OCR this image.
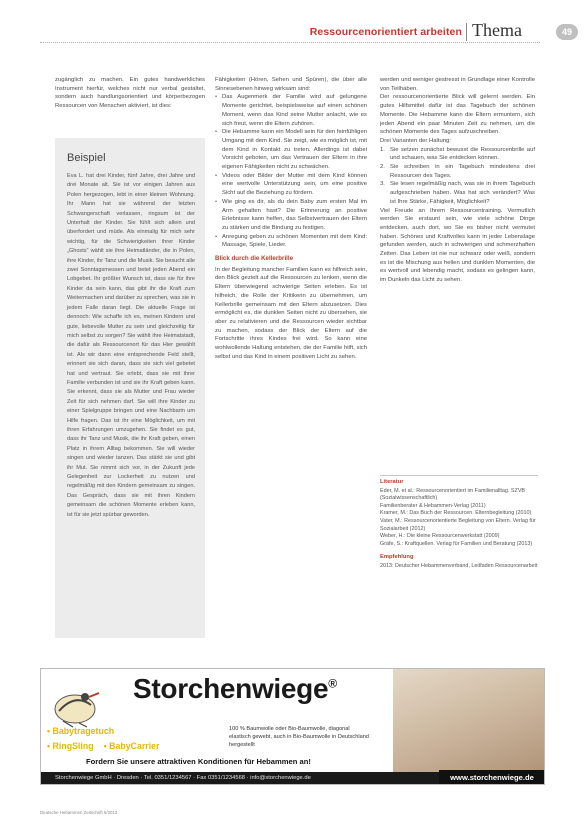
Ressourcenorientiert arbeiten Thema	49

zugänglich zu machen. Ein gutes handwerkliches Instrument hierfür, welches nicht nur verbal gestaltet, sondern auch handlungsorientiert und körperbezogen Ressourcen von Menschen aktiviert, ist dies:

Beispiel
Eva L. hat drei Kinder, fünf Jahre, drei Jahre und drei Monate alt. Sie ist vor einigen Jahren aus Polen hergezogen, lebt in einer kleinen Wohnung. Ihr Mann hat sie während der letzten Schwangerschaft verlassen, ringsum ist der Unterhalt der Kinder. Sie fühlt sich allein und überfordert und müde. Als einmalig für mich sehr wichtig, für die Schwierigkeiten ihrer Kinder „Ghosts“ wählt sie ihre Heimatländer, die in Polen, ihre Kinder, ihr Tanz und die Musik. Sie besucht alle zwei Sonntagsmessen und betet jeden Abend ein Lobgebet. Ihr größter Wunsch ist, dass sie für ihre Kinder da sein kann, das gibt ihr die Kraft zum Weitermachen und darüber zu sprechen, was sie in jedem Falle daran liegt. Die aktuelle Frage ist dennoch: Wie schaffe ich es, meinen Kindern und gute, liebevolle Mutter zu sein und gleichzeitig für mich selbst zu sorgen? Sie wählt ihre Heimatstadt, die dafür als Ressourcenort für das Hier gewählt ist. Als wir dann eine entsprechende Feld stellt, erinnert sie sich daran, dass sie sich viel gebetet hat und vertraut. Sie erlebt, dass sie mit ihrer Familie verbunden ist und sie ihr Kraft geben kann. Sie erkennt, dass sie als Mutter und Frau wieder Zeit für sich nehmen darf. Sie will ihre Kinder zu einer Spielgruppe bringen und eine Nachbarin um Hilfe fragen. Das ist ihr eine Möglichkeit, um mit ihren Erfahrungen umzugehen. Sie findet es gut, dass ihr Tanz und Musik, die ihr Kraft geben, einen Platz in ihrem Alltag bekommen. Sie will wieder singen und wieder tanzen. Das stärkt sie und gibt ihr Mut. Sie nimmt sich vor, in der Zukunft jede Gelegenheit zur Lockerheit zu nutzen und regelmäßig mit den Kindern gemeinsam zu singen. Das Gespräch, dass sie mit ihren Kindern gemeinsam die schönen Momente erleben kann, ist für sie jetzt spürbar geworden.

Fähigkeiten (Hören, Sehen und Spüren), die über alle Sinnesebenen hinweg wirksam sind:

• Das Augenmerk der Familie wird auf gelungene Momente gerichtet, beispielsweise auf einen schönen Moment, wenn das Kind seine Mutter anlacht, wie es sich freut, wenn die Eltern zuhören.
• Die Hebamme kann ein Modell sein für den feinfühligen Umgang mit dem Kind. Sie zeigt, wie es möglich ist, mit dem Kind in Kontakt zu treten. Allerdings ist dabei Vorsicht geboten, um das Vertrauen der Eltern in ihre eigenen Fähigkeiten nicht zu schwächen.
• Videos oder Bilder der Mutter mit dem Kind können eine wertvolle Unterstützung sein, um eine positive Sicht auf die Beziehung zu fördern.
• Wie ging es dir, als du dein Baby zum ersten Mal im Arm gehalten hast? Die Erinnerung an positive Erlebnisse kann helfen, das Selbstvertrauen der Eltern zu stärken und die Bindung zu festigen.
• Anregung geben zu schönen Momenten mit dem Kind: Massage, Spiele, Lieder.
Blick durch die Kellerbrille

In der Begleitung mancher Familien kann es hilfreich sein, den Blick gezielt auf die Ressourcen zu lenken, wenn die Eltern überwiegend schwierige Seiten erleben. Es ist hilfreich, die Rolle der Kritikerin zu übernehmen, um Kellerbrille gemeinsam mit den Eltern abzusetzen. Dies ermöglicht es, die dunklen Seiten nicht zu übersehen, sie aber zu relativieren und die Ressourcen wieder sichtbar zu machen, sodass der Blick der Eltern auf die Fortschritte ihres Kindes frei wird. So kann eine wohlwollende Haltung entstehen, die der Familie hilft, sich selbst und das Kind in einem positiven Licht zu sehen.

werden und weniger gestresst in Grundlage einer Kontrolle von Teilhaben.

Der ressourcenorientierte Blick will gelernt werden. Ein gutes Hilfsmittel dafür ist das Tagebuch der schönen Momente. Die Hebamme kann die Eltern ermuntern, sich jeden Abend ein paar Minuten Zeit zu nehmen, um die schönen Momente des Tages aufzuschreiben.

Drei Varianten der Haltung:

1. Sie setzen zunächst bewusst die Ressourcenbrille auf und schauen, was Sie entdecken können.
2. Sie schreiben in ein Tagebuch mindestens drei Ressourcen des Tages.
3. Sie lesen regelmäßig nach, was sie in ihrem Tagebuch aufgeschrieben haben. Was hat sich verändert? Was ist Ihre Stärke, Fähigkeit, Möglichkeit?

Viel Freude an Ihrem Ressourcentraining. Vermutlich werden Sie erstaunt sein, wie viele schöne Dinge entdecken, auch dort, wo Sie es bisher nicht vermutet haben. Schönes und Kraftvolles kann in jeder Lebenslage gefunden werden, auch in schwierigen und schmerzhaften Zeiten. Das Leben ist nie nur schwarz oder weiß, sondern es ist die Mischung aus hellen und dunklen Momenten, die es wertvoll und lebendig macht, sodass es gelingen kann, im Dunkeln das Licht zu sehen.

Literatur
Eder, M. et al.: Ressourcenorientiert im Familienalltag. SZVB (Sozialwissenschaftlich)
Familienberater & Hebammen-Verlag (2011)
Kramer, M.: Das Buch der Ressourcen. Elternbegleitung (2010)
Vater, M.: Ressourcenorientierte Begleitung von Eltern. Verlag für Sozialarbeit (2012)
Weber, H.: Die kleine Ressourcenwerkstatt (2009)
Gräfe, S.: Kraftquellen. Verlag für Familien und Beratung (2013)
Empfehlung
2013: Deutscher Hebammenverband, Leitfaden Ressourcenarbeit
Storchenwiege®
• Babytragetuch
• RingSling • BabyCarrier
100 % Baumwolle oder Bio-Baumwolle, diagonal elastisch gewebt, auch in Bio-Baumwolle in Deutschland hergestellt
Fordern Sie unsere attraktiven Konditionen für Hebammen an!
Storchenwiege GmbH · Dresden · Tel. 0351/1234567 · Fax 0351/1234568 · info@storchenwiege.de	www.storchenwiege.de
Deutsche Hebammen Zeitschrift 6/2013
